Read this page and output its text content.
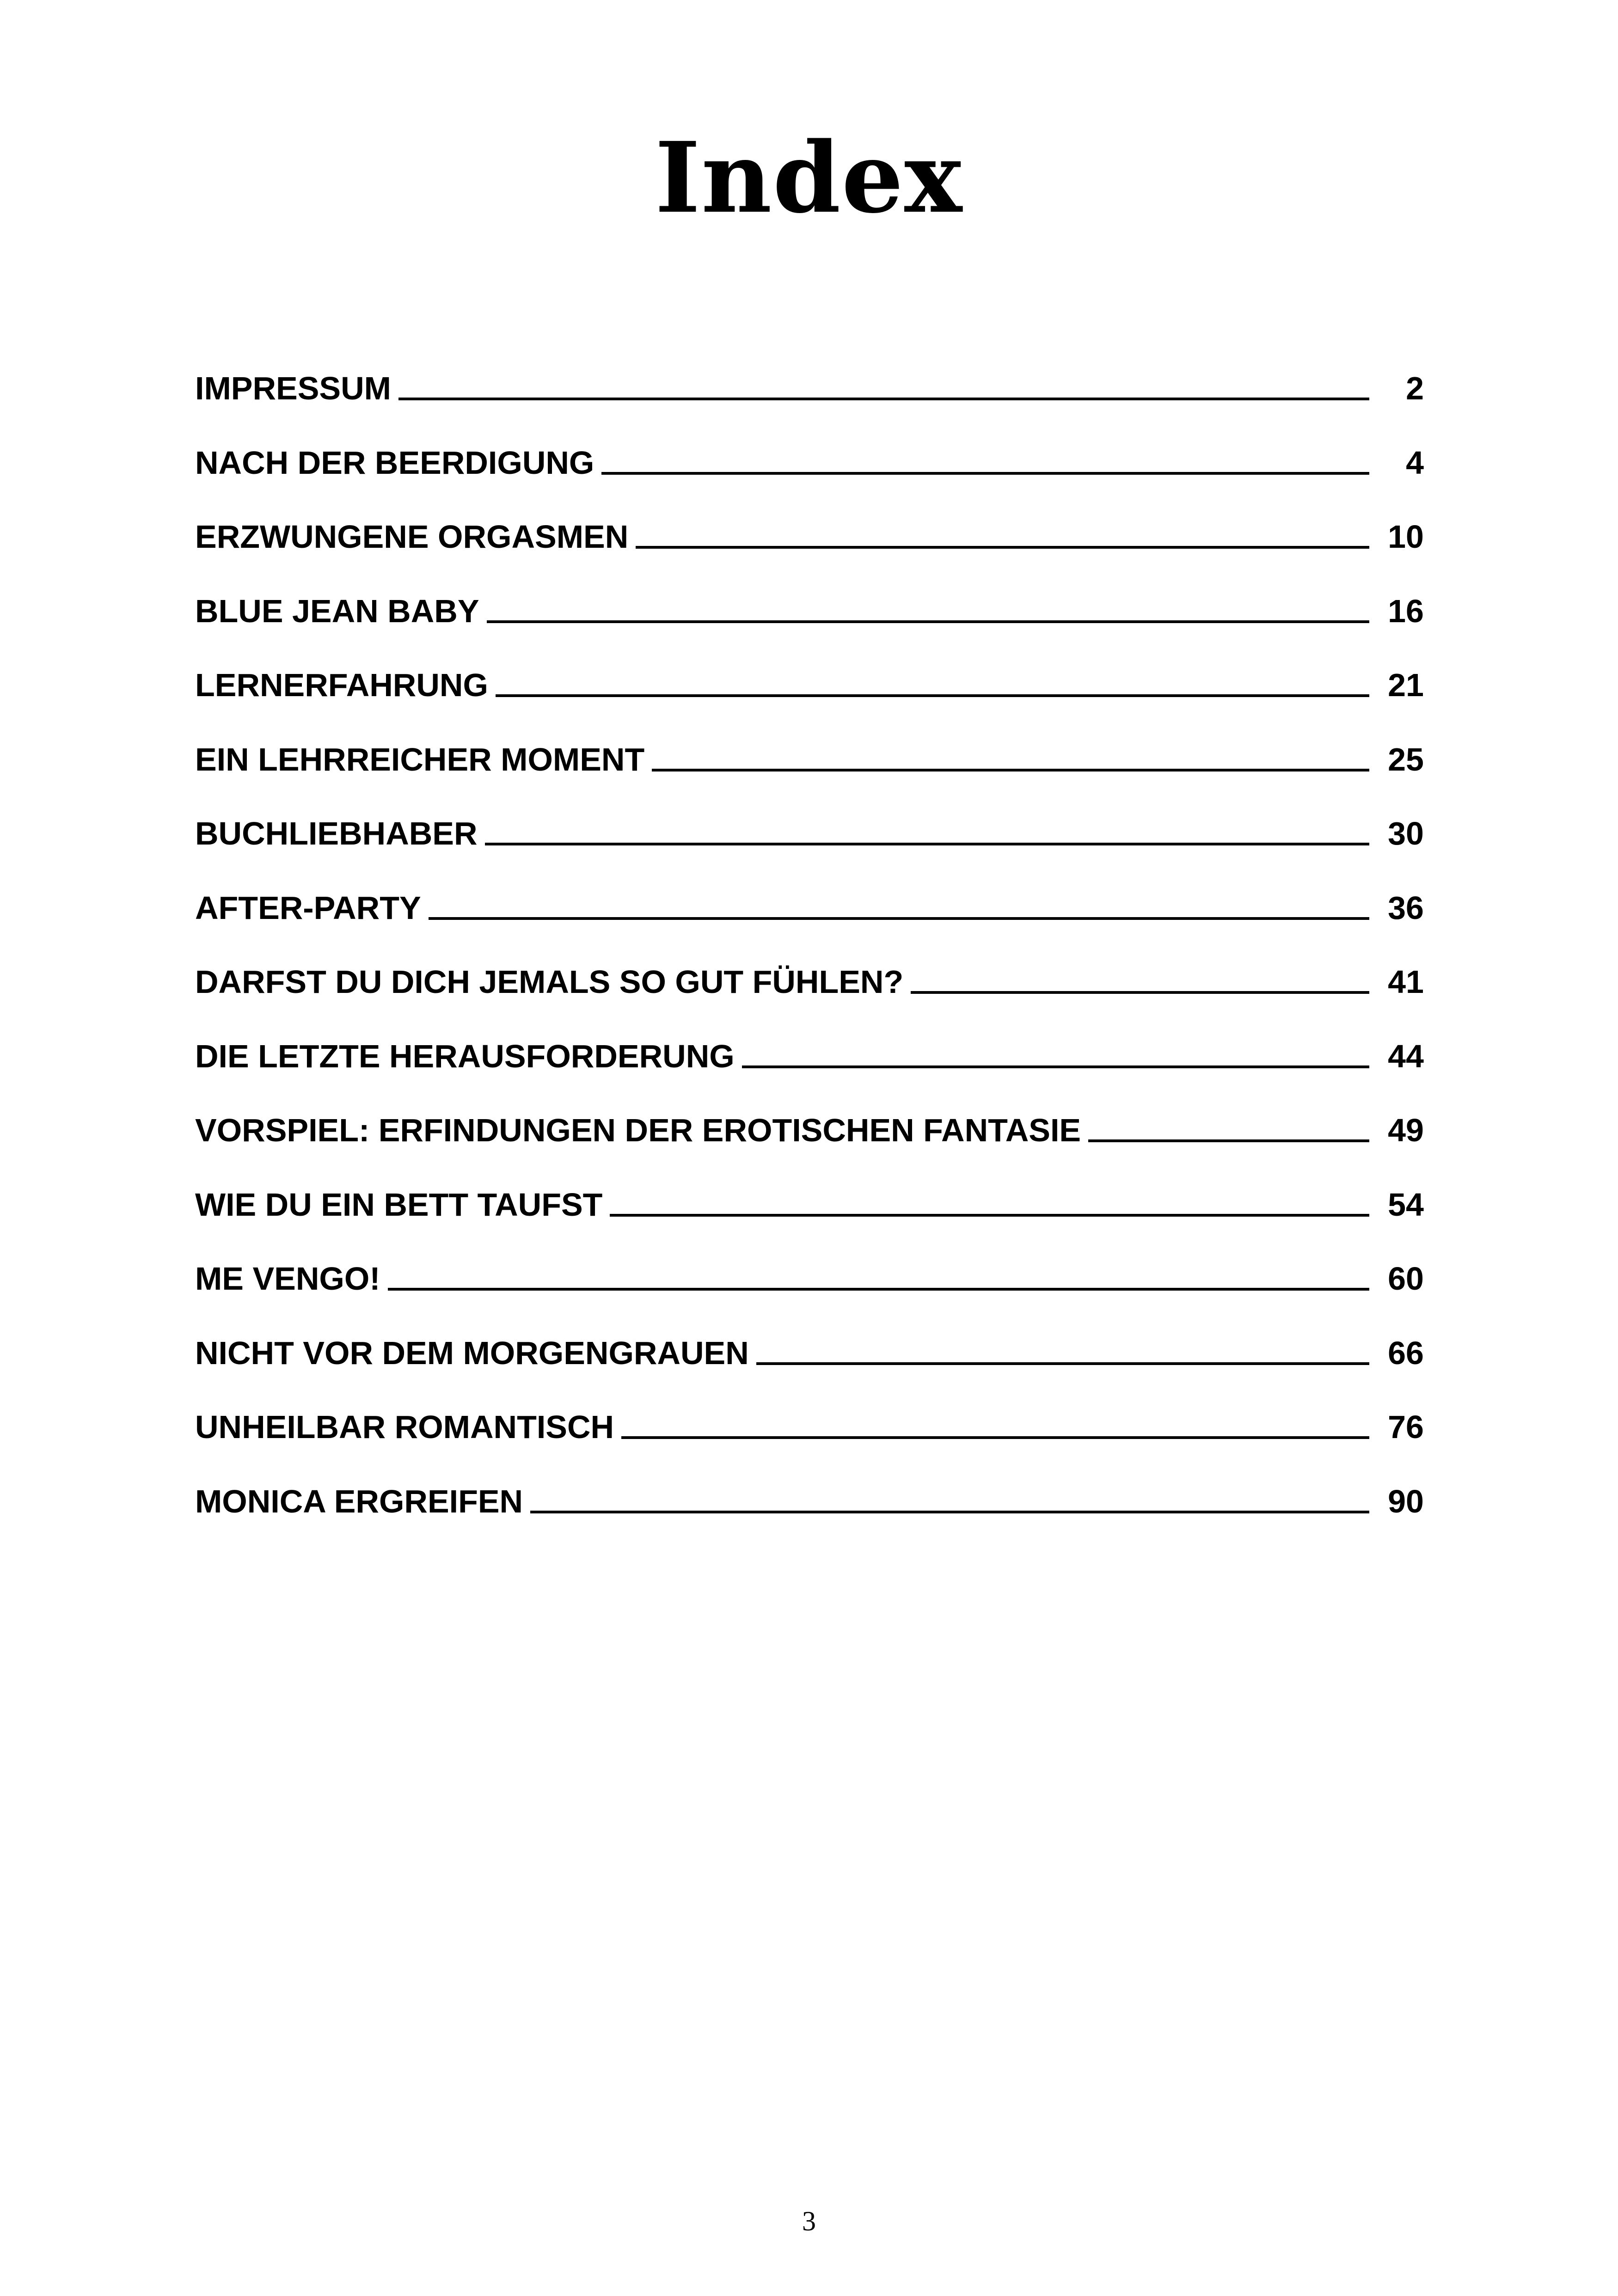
Index
IMPRESSUM	2
NACH DER BEERDIGUNG	4
ERZWUNGENE ORGASMEN	10
BLUE JEAN BABY	16
LERNERFAHRUNG	21
EIN LEHRREICHER MOMENT	25
BUCHLIEBHABER	30
AFTER-PARTY	36
DARFST DU DICH JEMALS SO GUT FÜHLEN?	41
DIE LETZTE HERAUSFORDERUNG	44
VORSPIEL: ERFINDUNGEN DER EROTISCHEN FANTASIE	49
WIE DU EIN BETT TAUFST	54
ME VENGO!	60
NICHT VOR DEM MORGENGRAUEN	66
UNHEILBAR ROMANTISCH	76
MONICA ERGREIFEN	90
3
